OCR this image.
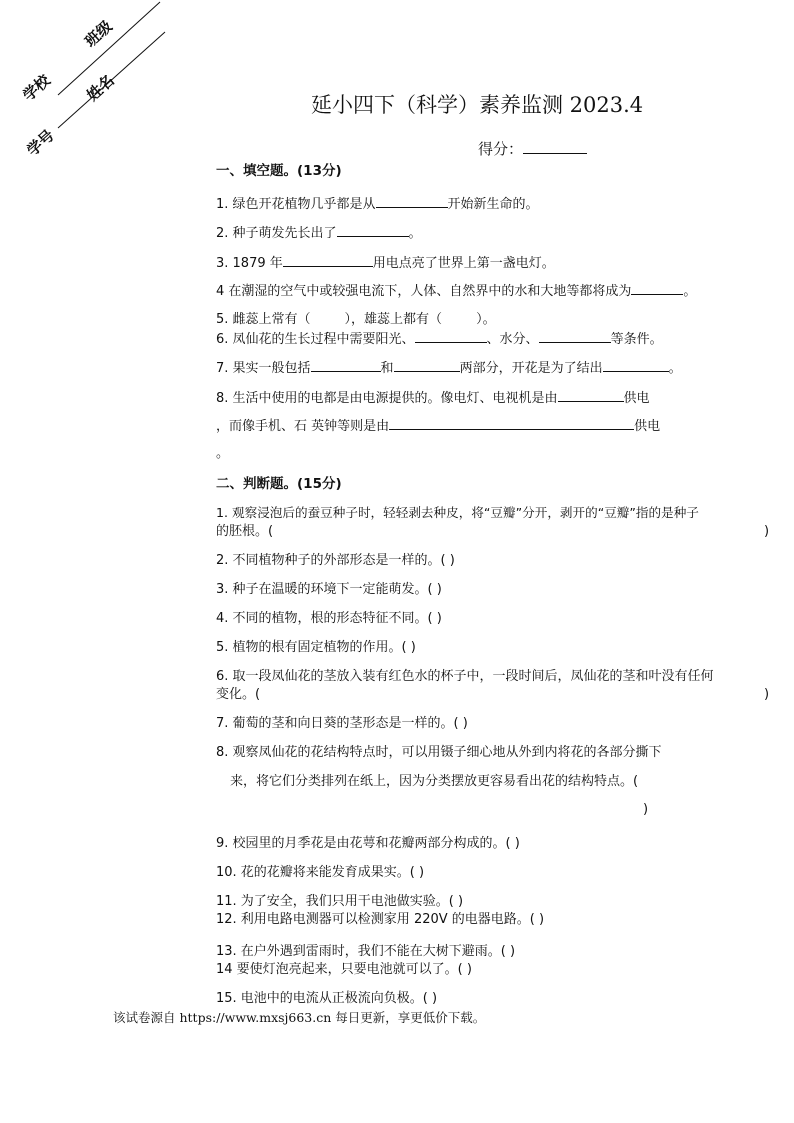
学校
班级
学号
姓名
延小四下（科学）素养监测 2023.4
得分：
一、填空题。(13分)
1. 绿色开花植物几乎都是从	开始新生命的。
2. 种子萌发先长出了	。
3. 1879 年	用电点亮了世界上第一盏电灯。
4 在潮湿的空气中或较强电流下，人体、自然界中的水和大地等都将成为	。
5. 雌蕊上常有（	），雄蕊上都有（	）。
6. 凤仙花的生长过程中需要阳光、	、水分、	等条件。
7. 果实一般包括	和	两部分，开花是为了结出	。
8. 生活中使用的电都是由电源提供的。像电灯、电视机是由	供电
，而像手机、石 英钟等则是由	供电
。
二、判断题。(15分)
1. 观察浸泡后的蚕豆种子时，轻轻剥去种皮，将“豆瓣”分开，剥开的“豆瓣”指的是种子
的胚根。(	)
2. 不同植物种子的外部形态是一样的。( )
3. 种子在温暖的环境下一定能萌发。( )
4. 不同的植物，根的形态特征不同。( )
5. 植物的根有固定植物的作用。( )
6. 取一段凤仙花的茎放入装有红色水的杯子中，一段时间后，凤仙花的茎和叶没有任何
变化。(	)
7. 葡萄的茎和向日葵的茎形态是一样的。( )
8. 观察凤仙花的花结构特点时，可以用镊子细心地从外到内将花的各部分撕下
来，将它们分类排列在纸上，因为分类摆放更容易看出花的结构特点。(
)
9. 校园里的月季花是由花萼和花瓣两部分构成的。( )
10. 花的花瓣将来能发育成果实。( )
11. 为了安全，我们只用干电池做实验。( )
12. 利用电路电测器可以检测家用 220V 的电器电路。( )
13. 在户外遇到雷雨时，我们不能在大树下避雨。( )
14 要使灯泡亮起来，只要电池就可以了。( )
15. 电池中的电流从正极流向负极。( )
该试卷源自 https://www.mxsj663.cn 每日更新，享更低价下载。
